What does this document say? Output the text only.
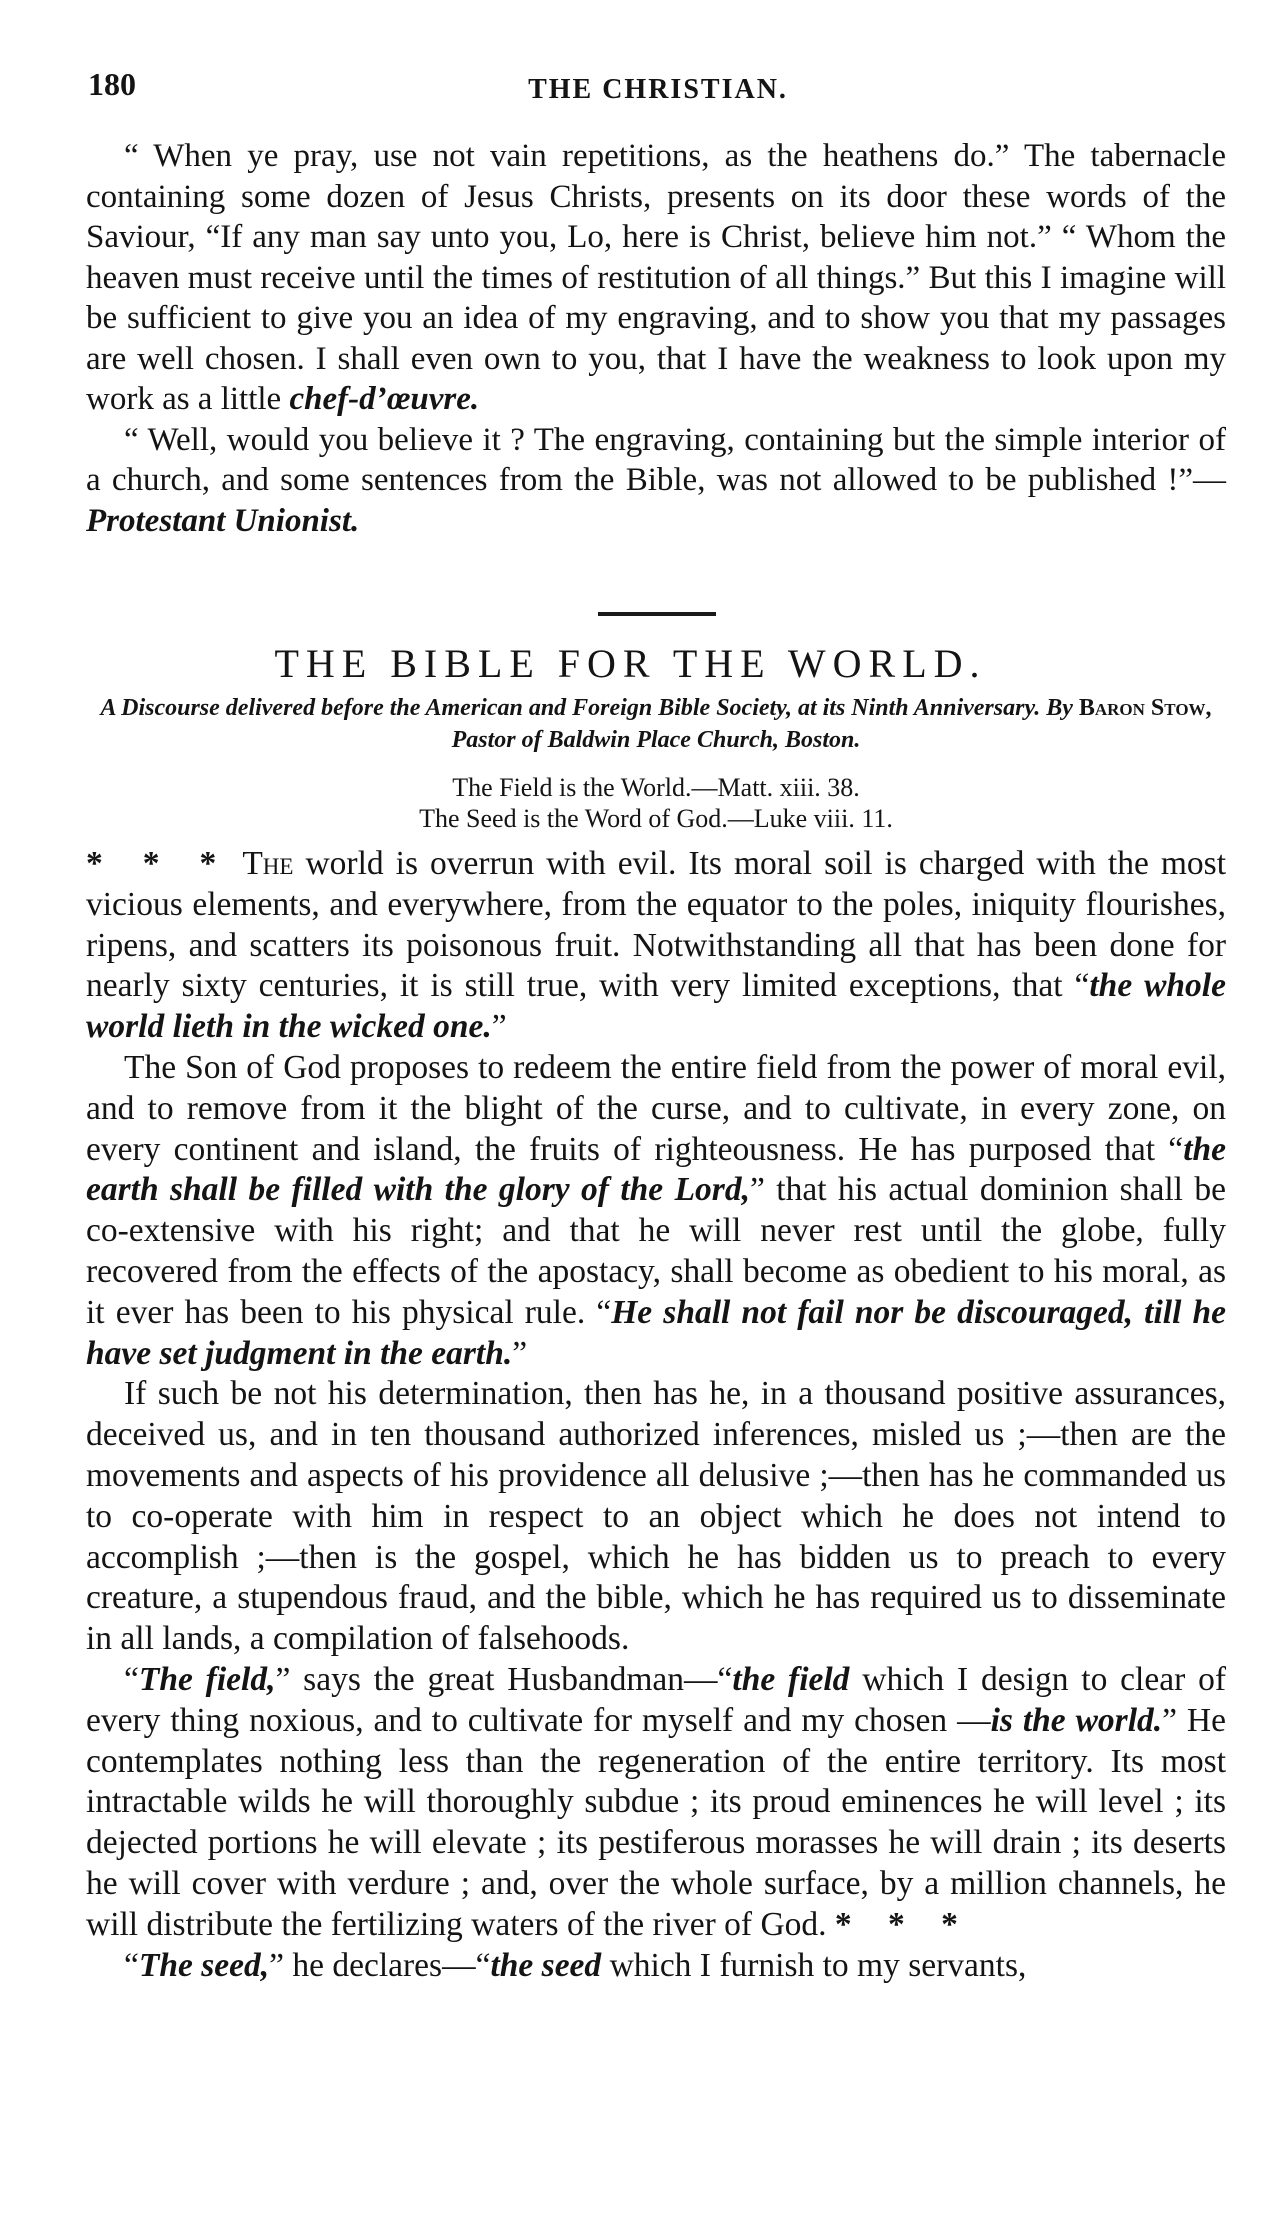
180	THE CHRISTIAN.

“ When ye pray, use not vain repetitions, as the heathens do.” The tabernacle containing some dozen of Jesus Christs, presents on its door these words of the Saviour, “If any man say unto you, Lo, here is Christ, believe him not.” “ Whom the heaven must receive until the times of restitution of all things.” But this I imagine will be sufficient to give you an idea of my engraving, and to show you that my passages are well chosen. I shall even own to you, that I have the weakness to look upon my work as a little chef-d’œuvre.

“ Well, would you believe it ? The engraving, containing but the simple interior of a church, and some sentences from the Bible, was not allowed to be published !”—Protestant Unionist.

THE BIBLE FOR THE WORLD.
A Discourse delivered before the American and Foreign Bible Society, at its Ninth Anniversary. By Baron Stow, Pastor of Baldwin Place Church, Boston.
The Field is the World.—Matt. xiii. 38.
The Seed is the Word of God.—Luke viii. 11.

* * * The world is overrun with evil. Its moral soil is charged with the most vicious elements, and everywhere, from the equator to the poles, iniquity flourishes, ripens, and scatters its poisonous fruit. Notwithstanding all that has been done for nearly sixty centuries, it is still true, with very limited exceptions, that “the whole world lieth in the wicked one.”

The Son of God proposes to redeem the entire field from the power of moral evil, and to remove from it the blight of the curse, and to cultivate, in every zone, on every continent and island, the fruits of righteousness. He has purposed that “the earth shall be filled with the glory of the Lord,” that his actual dominion shall be co-extensive with his right; and that he will never rest until the globe, fully recovered from the effects of the apostacy, shall become as obedient to his moral, as it ever has been to his physical rule. “He shall not fail nor be discouraged, till he have set judgment in the earth.”

If such be not his determination, then has he, in a thousand positive assurances, deceived us, and in ten thousand authorized inferences, misled us ;—then are the movements and aspects of his providence all delusive ;—then has he commanded us to co-operate with him in respect to an object which he does not intend to accomplish ;—then is the gospel, which he has bidden us to preach to every creature, a stupendous fraud, and the bible, which he has required us to disseminate in all lands, a compilation of falsehoods.

“The field,” says the great Husbandman—“the field which I design to clear of every thing noxious, and to cultivate for myself and my chosen —is the world.” He contemplates nothing less than the regeneration of the entire territory. Its most intractable wilds he will thoroughly subdue ; its proud eminences he will level ; its dejected portions he will elevate ; its pestiferous morasses he will drain ; its deserts he will cover with verdure ; and, over the whole surface, by a million channels, he will distribute the fertilizing waters of the river of God. * * *

“The seed,” he declares—“the seed which I furnish to my servants,
